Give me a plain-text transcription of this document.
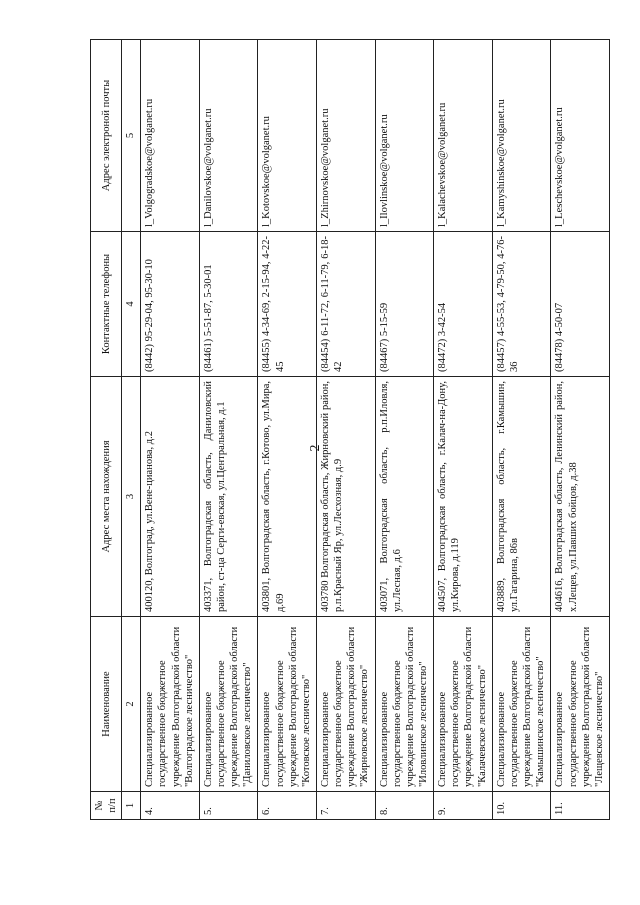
2
№ п/п	Наименование	Адрес места нахождения	Контактные телефоны	Адрес электроной почты
1	2	3	4	5
4.	Специализированное государственное бюджетное учреждение Волгоградской области "Волгоградское лесничество"	400120, Волгоград, ул.Вене-цианова, д.2	(8442) 95-29-04, 95-30-10	l_Volgogradskoe@volganet.ru
5.	Специализированное государственное бюджетное учреждение Волгоградской области "Даниловское лесничество"	403371, Волгоградская область, Даниловский район, ст-ца Серги-евская, ул.Центральная, д.1	(84461) 5-51-87, 5-30-01	l_Danilovskoe@volganet.ru
6.	Специализированное государственное бюджетное учреждение Волгоградской области "Котовское лесничество"	403801, Волгоградская область, г.Котово, ул.Мира, д.69	(84455) 4-34-69, 2-15-94, 4-22-45	l_Kotovskoe@volganet.ru
7.	Специализированное государственное бюджетное учреждение Волгоградской области "Жирновское лесничество"	403780 Волгоградская область, Жирновский район, р.п.Красный Яр, ул.Лесхозная, д.9	(84454) 6-11-72, 6-11-79, 6-18-42	l_Zhirnovskoe@volganet.ru
8.	Специализированное государственное бюджетное учреждение Волгоградской области "Иловлинское лесничество"	403071, Волгоградская область, р.п.Иловля, ул.Лесная, д.6	(84467) 5-15-59	l_Ilovlinskoe@volganet.ru
9.	Специализированное государственное бюджетное учреждение Волгоградской области "Калачевское лесничество"	404507, Волгоградская область, г.Калач-на-Дону, ул.Кирова, д.119	(84472) 3-42-54	l_Kalachevskoe@volganet.ru
10.	Специализированное государственное бюджетное учреждение Волгоградской области "Камышинское лесничество"	403889, Волгоградская область, г.Камышин, ул.Гагарина, 86в	(84457) 4-55-53, 4-79-50, 4-76-36	l_Kamyshinskoe@volganet.ru
11.	Специализированное государственное бюджетное учреждение Волгоградской области "Лещевское лесничество"	404616, Волгоградская область, Ленинский район, х.Лещев, ул.Павших бойцов, д.38	(84478) 4-50-07	l_Leschevskoe@volganet.ru
